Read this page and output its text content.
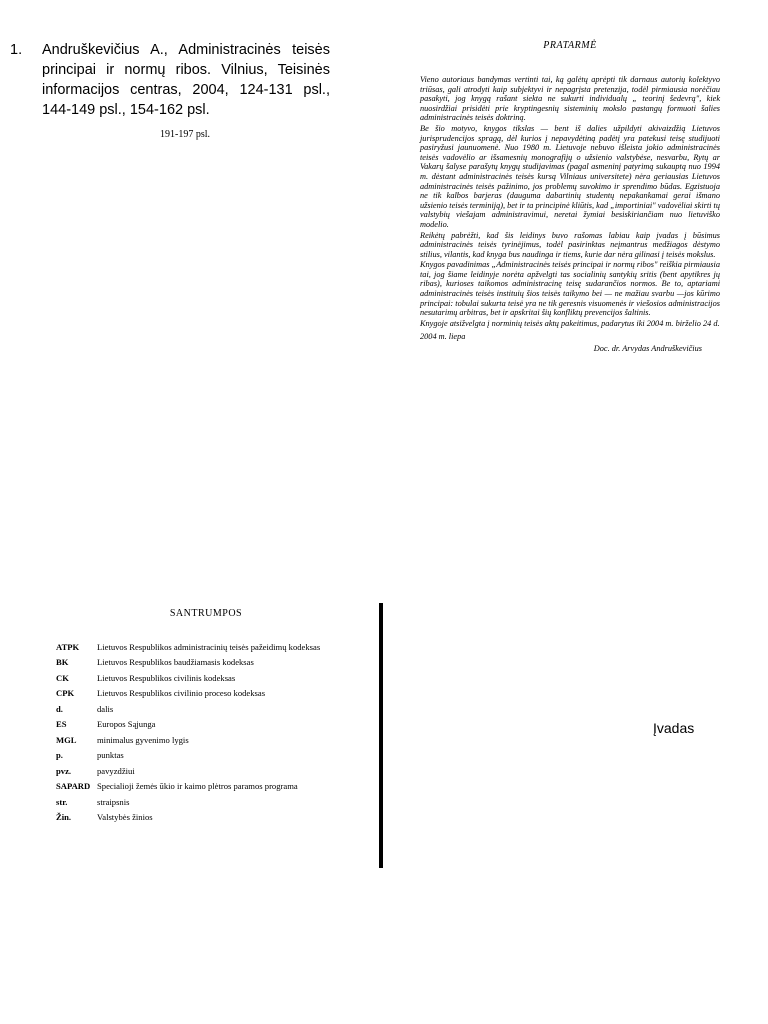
1.	Andruškevičius A., Administracinės teisės principai ir normų ribos. Vilnius, Teisinės informacijos centras, 2004, 124-131 psl., 144-149 psl., 154-162 psl.
191-197 psl.
PRATARMĖ

Vieno autoriaus bandymas vertinti tai, ką galėtų aprėpti tik darnaus autorių kolektyvo triūsas, gali atrodyti kaip subjektyvi ir nepagrįsta pretenzija, todėl pirmiausia norėčiau pasakyti, jog knygą rašant siekta ne sukurti individualų „ teorinį šedevrą", kiek nuosirdžiai prisidėti prie kryptingesnių sisteminių mokslo pastangų formuoti šalies administracinės teisės doktriną.

Be šio motyvo, knygos tikslas — bent iš dalies užpildyti akivaizdžią Lietuvos jurisprudencijos spragą, dėl kurios į nepavydėtiną padėtį yra patekusi teisę studijuoti pasiryžusi jaunuomenė. Nuo 1980 m. Lietuvoje nebuvo išleista jokio administracinės teisės vadovėlio ar išsamesnių monografijų o užsienio valstybėse, nesvarbu, Rytų ar Vakarų šalyse parašytų knygų studijavimas (pagal asmeninį patyrimą sukauptą nuo 1994 m. dėstant administracinės teisės kursą Vilniaus universitete) nėra geriausias Lietuvos administracinės teisės pažinimo, jos problemų suvokimo ir sprendimo būdas. Egzistuoja ne tik kalbos barjeras (dauguma dabartinių studentų nepakankamai gerai išmano užsienio teisės terminiją), bet ir ta principinė kliūtis, kad „importiniai" vadovėliai skirti tų valstybių viešajam administravimui, neretai žymiai besiskiriančiam nuo lietuviško modelio.

Reikėtų pabrėžti, kad šis leidinys buvo rašomas labiau kaip įvadas į būsimus administracinės teisės tyrinėjimus, todėl pasirinktas neįmantrus medžiagos dėstymo stilius, vilantis, kad knyga bus naudinga ir tiems, kurie dar nėra gilinasi į teisės mokslus.

Knygos pavadinimas „Administracinės teisės principai ir normų ribos" reiškia pirmiausia tai, jog šiame leidinyje norėta apžvelgti tas socialinių santykių sritis (bent apytikres jų ribas), kurioses taikomos administracinę teisę sudarančios normos. Be to, aptariami administracinės teisės instituių šios teisės taikymo bei — ne mažiau svarbu —jos kūrimo principai: tobulai sukurta teisė yra ne tik geresnis visuomenės ir viešosios administracijos nesutarimų arbitras, bet ir apskritai šių konfliktų prevencijos šaltinis.

Knygoje atsižvelgta į norminių teisės aktų pakeitimus, padarytus iki 2004 m. birželio 24 d.

2004 m. liepa

Doc. dr. Arvydas Andruškevičius

SANTRUMPOS
ATPK	Lietuvos Respublikos administracinių teisės pažeidimų kodeksas
BK	Lietuvos Respublikos baudžiamasis kodeksas
CK	Lietuvos Respublikos civilinis kodeksas
CPK	Lietuvos Respublikos civilinio proceso kodeksas
d.	dalis
ES	Europos Sąjunga
MGL	minimalus gyvenimo lygis
p.	punktas
pvz.	pavyzdžiui
SAPARD Specialioji žemės ūkio ir kaimo plėtros paramos programa
str.	straipsnis
Žin.	Valstybės žinios
Įvadas
